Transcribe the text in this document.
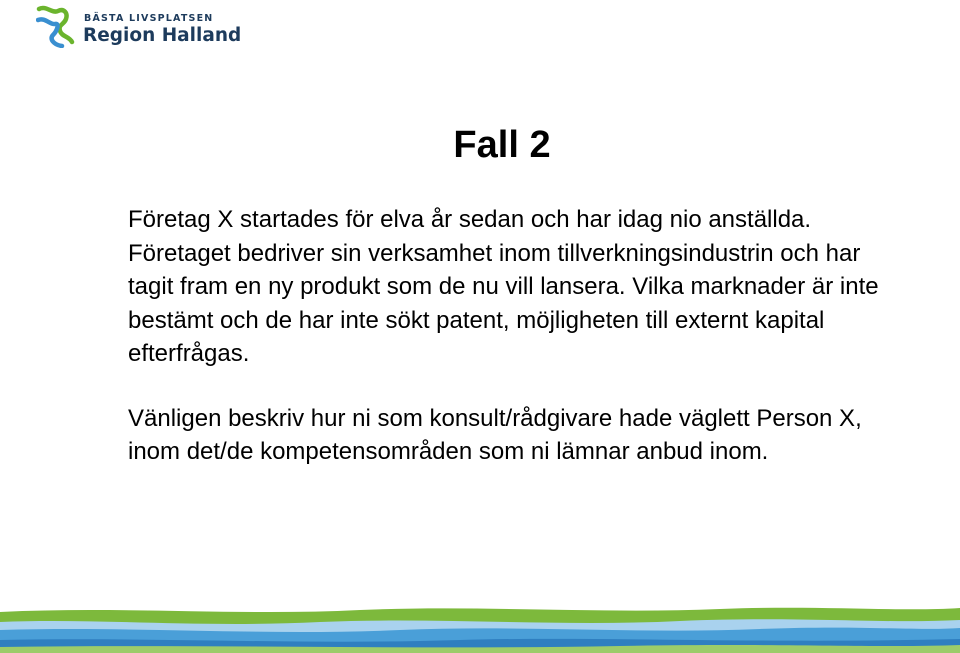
BÄSTA LIVSPLATSEN
Region Halland
Fall 2

Företag X startades för elva år sedan och har idag nio anställda. Företaget bedriver sin verksamhet inom tillverkningsindustrin och har tagit fram en ny produkt som de nu vill lansera. Vilka marknader är inte bestämt och de har inte sökt patent, möjligheten till externt kapital efterfrågas.

Vänligen beskriv hur ni som konsult/rådgivare hade väglett Person X, inom det/de kompetensområden som ni lämnar anbud inom.
